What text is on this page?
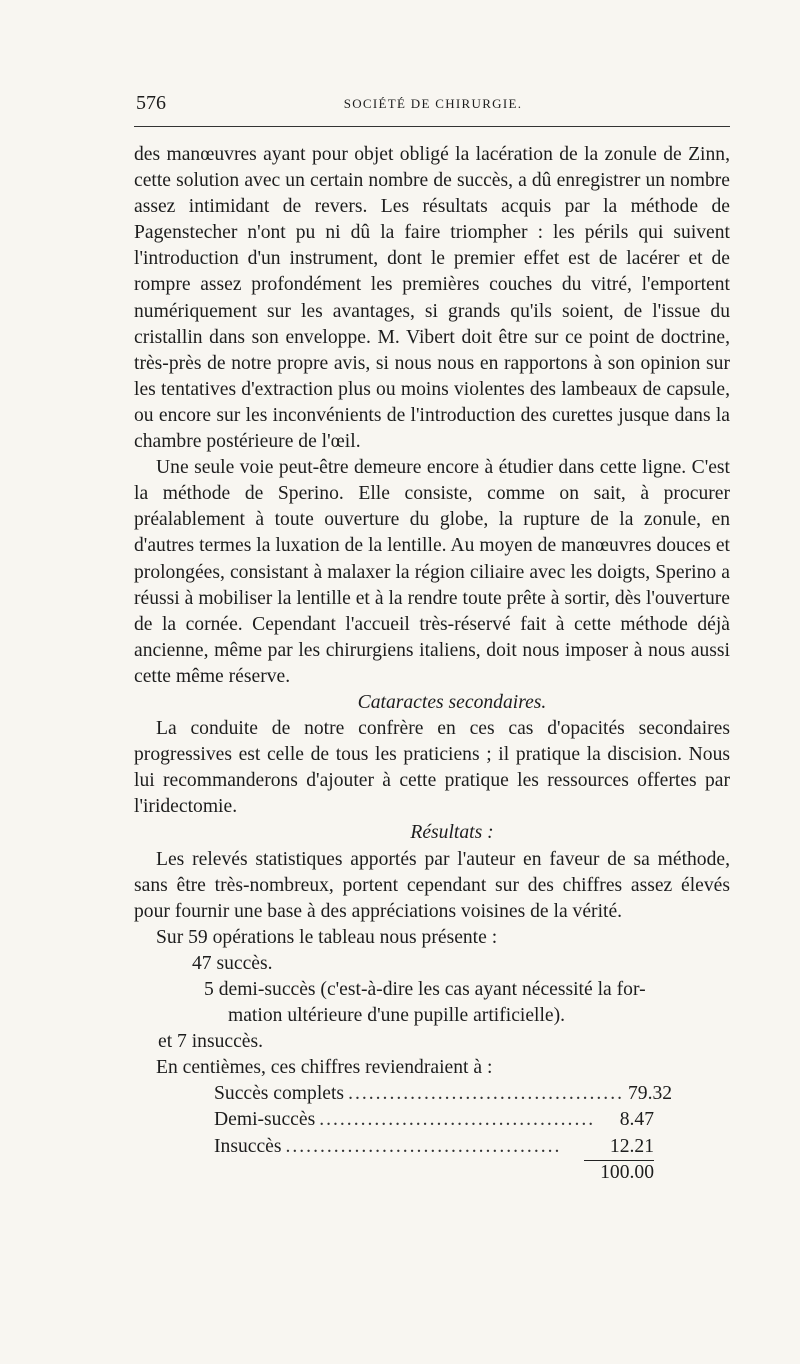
576	SOCIÉTÉ DE CHIRURGIE.

des manœuvres ayant pour objet obligé la lacération de la zonule de Zinn, cette solution avec un certain nombre de succès, a dû enregistrer un nombre assez intimidant de revers. Les résultats acquis par la méthode de Pagenstecher n'ont pu ni dû la faire triompher : les périls qui suivent l'introduction d'un instrument, dont le premier effet est de lacérer et de rompre assez profondément les premières couches du vitré, l'emportent numériquement sur les avantages, si grands qu'ils soient, de l'issue du cristallin dans son enveloppe. M. Vibert doit être sur ce point de doctrine, très-près de notre propre avis, si nous nous en rapportons à son opinion sur les tentatives d'extraction plus ou moins violentes des lambeaux de capsule, ou encore sur les inconvénients de l'introduction des curettes jusque dans la chambre postérieure de l'œil.

Une seule voie peut-être demeure encore à étudier dans cette ligne. C'est la méthode de Sperino. Elle consiste, comme on sait, à procurer préalablement à toute ouverture du globe, la rupture de la zonule, en d'autres termes la luxation de la lentille. Au moyen de manœuvres douces et prolongées, consistant à malaxer la région ciliaire avec les doigts, Sperino a réussi à mobiliser la lentille et à la rendre toute prête à sortir, dès l'ouverture de la cornée. Cependant l'accueil très-réservé fait à cette méthode déjà ancienne, même par les chirurgiens italiens, doit nous imposer à nous aussi cette même réserve.

Cataractes secondaires.

La conduite de notre confrère en ces cas d'opacités secondaires progressives est celle de tous les praticiens ; il pratique la discision. Nous lui recommanderons d'ajouter à cette pratique les ressources offertes par l'iridectomie.

Résultats :

Les relevés statistiques apportés par l'auteur en faveur de sa méthode, sans être très-nombreux, portent cependant sur des chiffres assez élevés pour fournir une base à des appréciations voisines de la vérité.

Sur 59 opérations le tableau nous présente :
47 succès.
5 demi-succès (c'est-à-dire les cas ayant nécessité la for-
mation ultérieure d'une pupille artificielle).
et 7 insuccès.
En centièmes, ces chiffres reviendraient à :
Succès complets ........................................ 79.32
Demi-succès ........................................	8.47
Insuccès ........................................	12.21
100.00
